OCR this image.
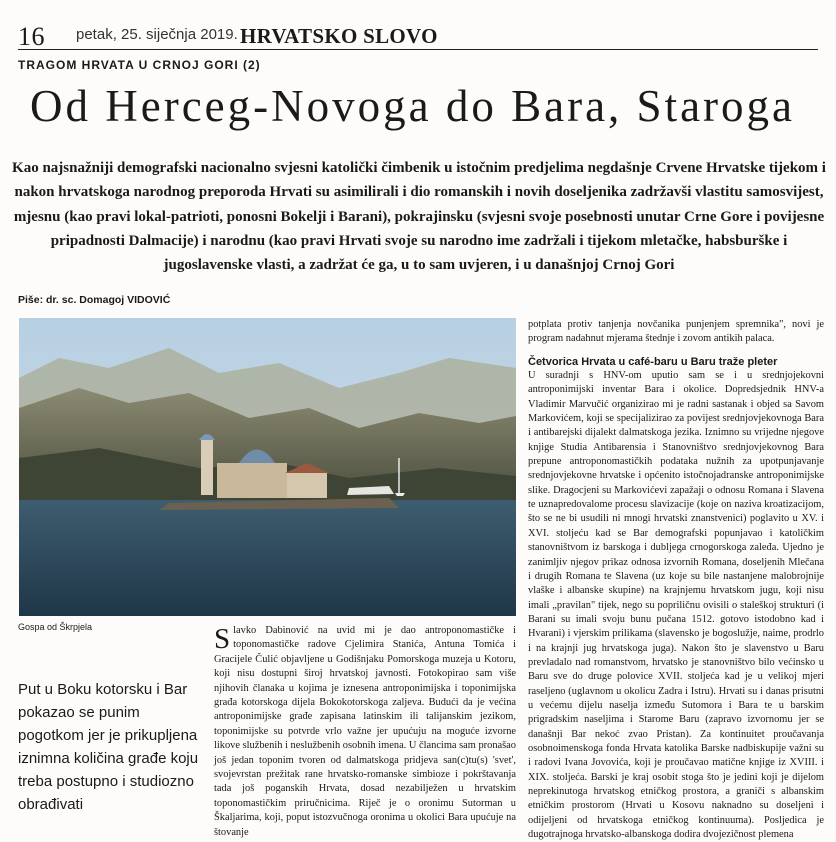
16 petak, 25. siječnja 2019. HRVATSKO SLOVO
TRAGOM HRVATA U CRNOJ GORI (2)
Od Herceg-Novoga do Bara, Staroga
Kao najsnažniji demografski nacionalno svjesni katolički čimbenik u istočnim predjelima negdašnje Crvene Hrvatske tijekom i nakon hrvatskoga narodnog preporoda Hrvati su asimilirali i dio romanskih i novih doseljenika zadržavši vlastitu samosvijest, mjesnu (kao pravi lokal-patrioti, ponosni Bokelji i Barani), pokrajinsku (svjesni svoje posebnosti unutar Crne Gore i povijesne pripadnosti Dalmacije) i narodnu (kao pravi Hrvati svoje su narodno ime zadržali i tijekom mletačke, habsburške i jugoslavenske vlasti, a zadržat će ga, u to sam uvjeren, i u današnjoj Crnoj Gori
Piše: dr. sc. Domagoj VIDOVIĆ
Gospa od Škrpjela
Put u Boku kotorsku i Bar pokazao se punim pogotkom jer je prikupljena iznimna količina građe koju treba postupno i studiozno obrađivati

Slavko Dabinović na uvid mi je dao antroponomastičke i toponomastičke radove Cjelimira Stanića, Antuna Tomića i Gracijele Čulić objavljene u Godišnjaku Pomorskoga muzeja u Kotoru, koji nisu dostupni široj hrvatskoj javnosti. Fotokopirao sam više njihovih članaka u kojima je iznesena antroponimijska i toponimijska građa kotorskoga dijela Bokokotorskoga zaljeva. Budući da je većina antroponimijske građe zapisana latinskim ili talijanskim jezikom, toponimijske su potvrde vrlo važne jer upućuju na moguće izvorne likove službenih i neslužbenih osobnih imena. U člancima sam pronašao još jedan toponim tvoren od dalmatskoga pridjeva san(c)tu(s) 'svet', svojevrstan prežitak rane hrvatsko-romanske simbioze i pokrštavanja tada još poganskih Hrvata, dosad nezabilježen u hrvatskim toponomastičkim priručnicima. Riječ je o oronimu Sutorman u Škaljarima, koji, poput istozvučnoga oronima u okolici Bara upućuje na štovanje

potplata protiv tanjenja novčanika punjenjem spremnika", novi je program nadahnut mjerama štednje i zovom antikih palaca.

Četvorica Hrvata u café-baru u Baru traže pleter

U suradnji s HNV-om uputio sam se i u srednjojekovni antroponimijski inventar Bara i okolice. Dopredsjednik HNV-a Vladimir Marvučić organizirao mi je radni sastanak i objed sa Savom Markovićem, koji se specijalizirao za povijest srednjovjekovnoga Bara i antibarejski dijalekt dalmatskoga jezika. Iznimno su vrijedne njegove knjige Studia Antibarensia i Stanovništvo srednjovjekovnog Bara prepune antroponomastičkih podataka nužnih za upotpunjavanje srednjovjekovne hrvatske i općenito istočnojadranske antroponimijske slike. Dragocjeni su Markovićevi zapažaji o odnosu Romana i Slavena te uznapredovalome procesu slavizacije (koje on naziva kroatizacijom, što se ne bi usudili ni mnogi hrvatski znanstvenici) poglavito u XV. i XVI. stoljeću kad se Bar demografski popunjavao i katoličkim stanovništvom iz barskoga i dubljega crnogorskoga zaleđa. Ujedno je zanimljiv njegov prikaz odnosa izvornih Romana, doseljenih Mlečana i drugih Romana te Slavena (uz koje su bile nastanjene malobrojnije vlaške i albanske skupine) na krajnjemu hrvatskom jugu, koji nisu imali „pravilan" tijek, nego su popriličnu ovisili o staleškoj strukturi (i Barani su imali svoju bunu pučana 1512. gotovo istodobno kad i Hvarani) i vjerskim prilikama (slavensko je bogoslužje, naime, prodrlo i na krajnji jug hrvatskoga juga). Nakon što je slavenstvo u Baru prevladalo nad romanstvom, hrvatsko je stanovništvo bilo većinsko u Baru sve do druge polovice XVII. stoljeća kad je u velikoj mjeri raseljeno (uglavnom u okolicu Zadra i Istru). Hrvati su i danas prisutni u većemu dijelu naselja između Sutomora i Bara te u barskim prigradskim naseljima i Starome Baru (zapravo izvornomu jer se današnji Bar nekoć zvao Pristan). Za kontinuitet proučavanja osobnoimenskoga fonda Hrvata katolika Barske nadbiskupije važni su i radovi Ivana Jovovića, koji je proučavao matične knjige iz XVIII. i XIX. stoljeća. Barski je kraj osobit stoga što je jedini koji je dijelom neprekinutoga hrvatskog etničkog prostora, a graniči s albanskim etničkim prostorom (Hrvati u Kosovu naknadno su doseljeni i odijeljeni od hrvatskoga etničkog kontinuuma). Posljedica je dugotrajnoga hrvatsko-albanskoga dodira dvojezičnost plemena
